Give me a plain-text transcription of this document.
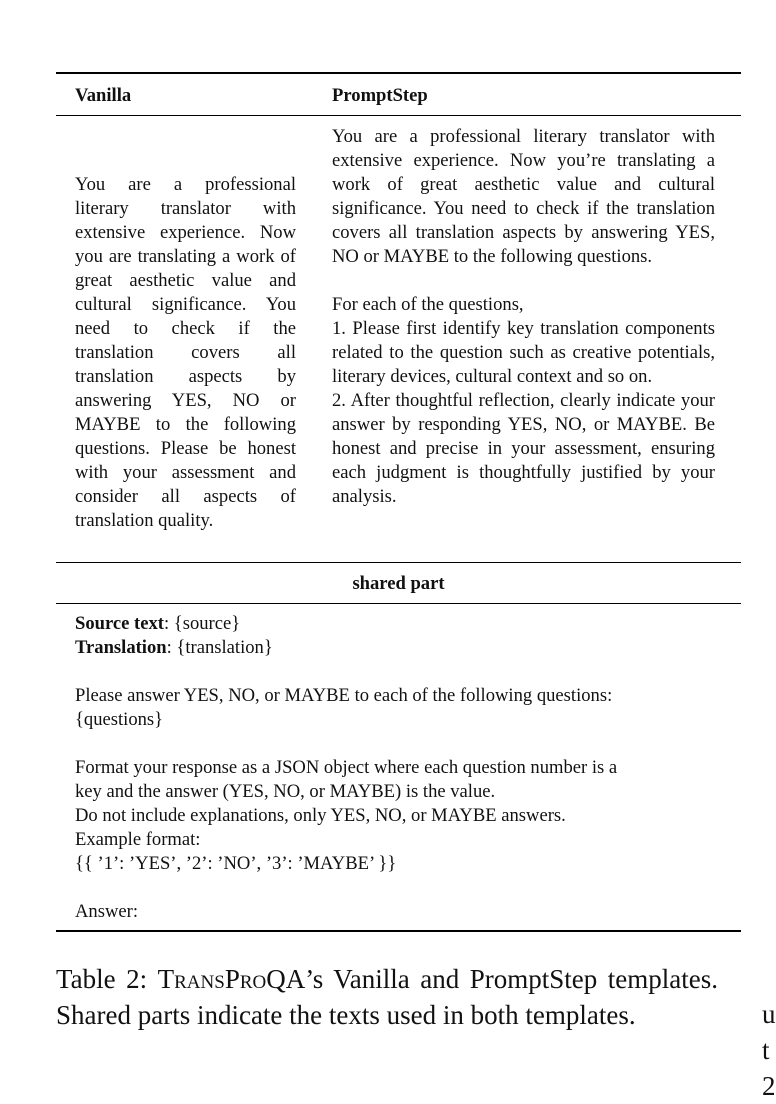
Vanilla	PromptStep
You are a professional literary translator with extensive experience. Now you are translating a work of great aesthetic value and cultural significance. You need to check if the translation covers all translation aspects by answering YES, NO or MAYBE to the following questions. Please be honest with your assessment and consider all aspects of translation quality.

You are a professional literary translator with extensive experience. Now you’re translating a work of great aesthetic value and cultural significance. You need to check if the translation covers all translation aspects by answering YES, NO or MAYBE to the following questions.

For each of the questions,

1. Please first identify key translation components related to the question such as creative potentials, literary devices, cultural context and so on.

2. After thoughtful reflection, clearly indicate your answer by responding YES, NO, or MAYBE. Be honest and precise in your assessment, ensuring each judgment is thoughtfully justified by your analysis.

shared part
Source text: {source}
Translation: {translation}
Please answer YES, NO, or MAYBE to each of the following questions:
{questions}
Format your response as a JSON object where each question number is a
key and the answer (YES, NO, or MAYBE) is the value.
Do not include explanations, only YES, NO, or MAYBE answers.
Example format:
{{ ’1’: ’YES’, ’2’: ’NO’, ’3’: ’MAYBE’ }}
Answer:

Table 2: TransProQA’s Vanilla and PromptStep templates. Shared parts indicate the texts used in both templates.	u
t
2
